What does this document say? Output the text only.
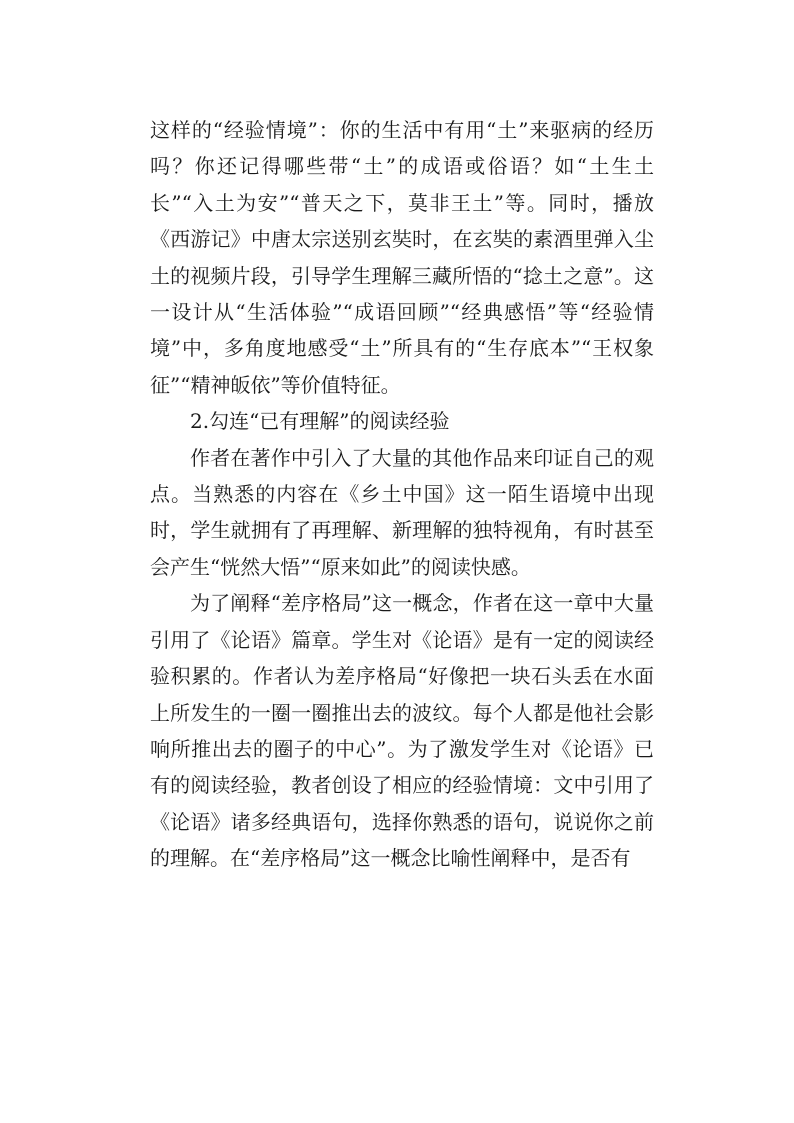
这样的“经验情境”：你的生活中有用“土”来驱病的经历吗？你还记得哪些带“土”的成语或俗语？如“土生土长”“入土为安”“普天之下，莫非王土”等。同时，播放《西游记》中唐太宗送别玄奘时，在玄奘的素酒里弹入尘土的视频片段，引导学生理解三藏所悟的“捻土之意”。这一设计从“生活体验”“成语回顾”“经典感悟”等“经验情境”中，多角度地感受“土”所具有的“生存底本”“王权象征”“精神皈依”等价值特征。

2.勾连“已有理解”的阅读经验

作者在著作中引入了大量的其他作品来印证自己的观点。当熟悉的内容在《乡土中国》这一陌生语境中出现时，学生就拥有了再理解、新理解的独特视角，有时甚至会产生“恍然大悟”“原来如此”的阅读快感。

为了阐释“差序格局”这一概念，作者在这一章中大量引用了《论语》篇章。学生对《论语》是有一定的阅读经验积累的。作者认为差序格局“好像把一块石头丢在水面上所发生的一圈一圈推出去的波纹。每个人都是他社会影响所推出去的圈子的中心”。为了激发学生对《论语》已有的阅读经验，教者创设了相应的经验情境：文中引用了《论语》诸多经典语句，选择你熟悉的语句，说说你之前的理解。在“差序格局”这一概念比喻性阐释中，是否有
